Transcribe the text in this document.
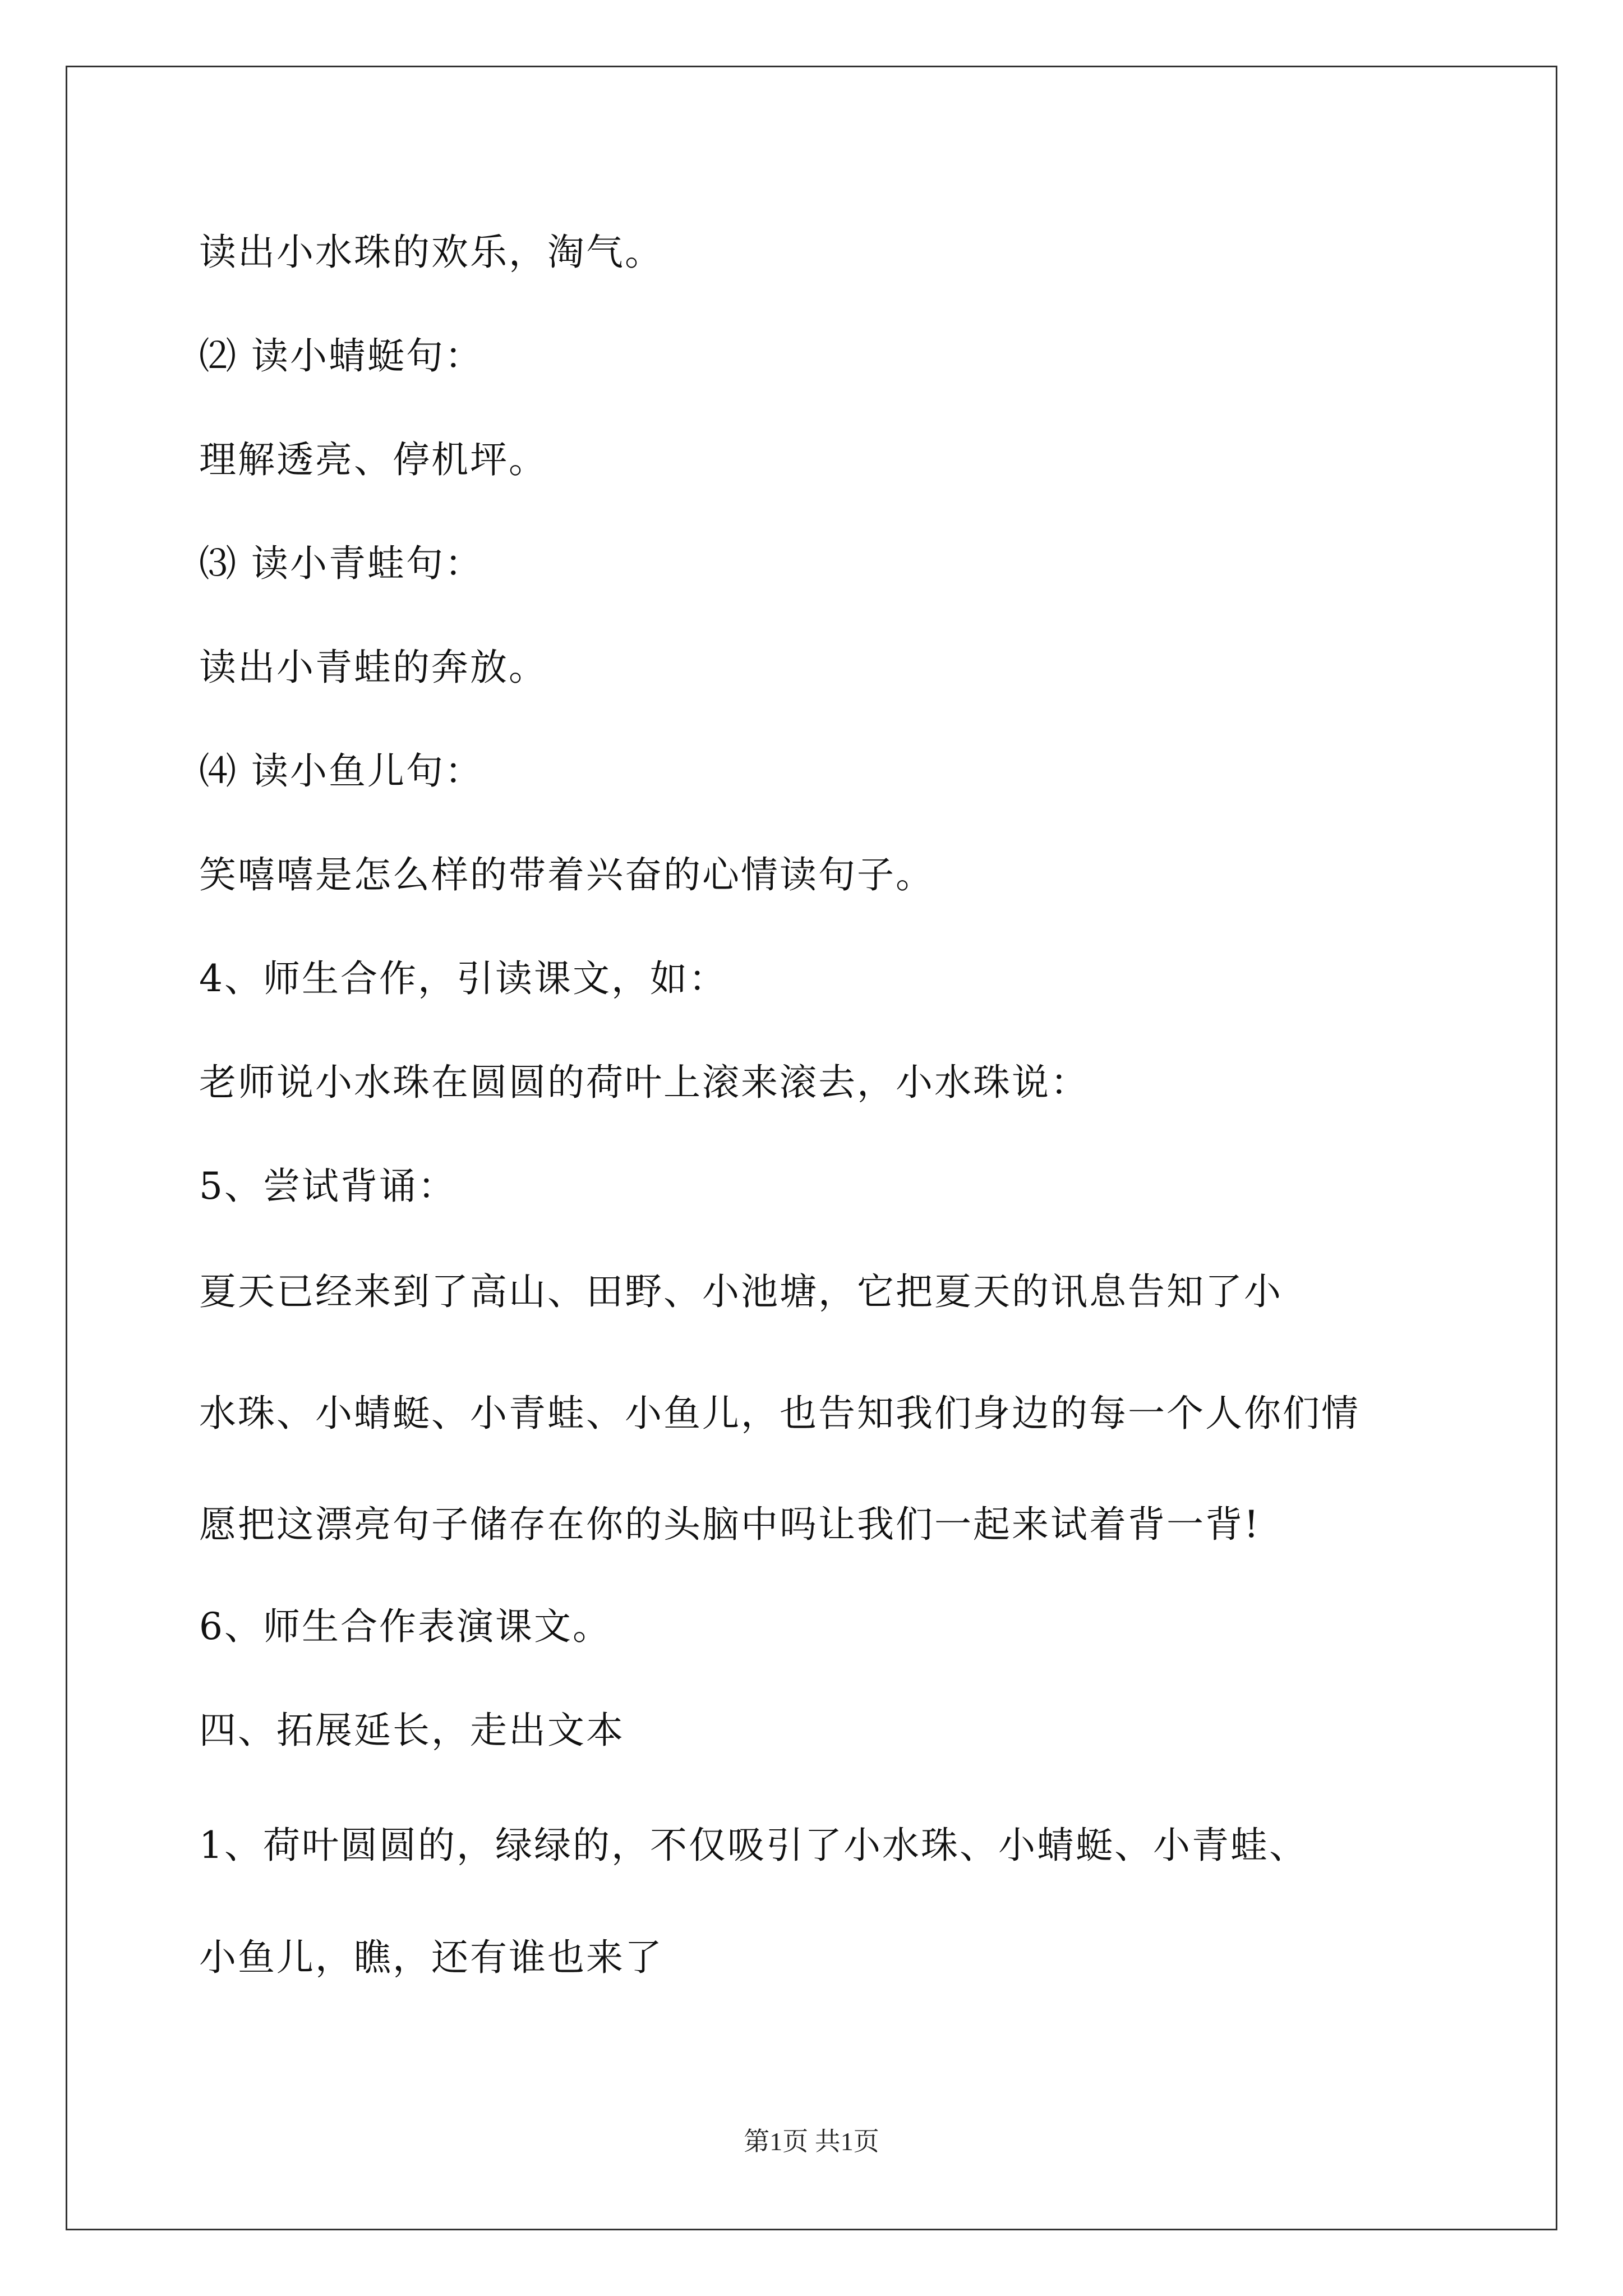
读出小水珠的欢乐，淘气。
⑵ 读小蜻蜓句：
理解透亮、停机坪。
⑶ 读小青蛙句：
读出小青蛙的奔放。
⑷ 读小鱼儿句：
笑嘻嘻是怎么样的带着兴奋的心情读句子。
4、师生合作，引读课文，如：
老师说小水珠在圆圆的荷叶上滚来滚去，小水珠说：
5、尝试背诵：
夏天已经来到了高山、田野、小池塘，它把夏天的讯息告知了小
水珠、小蜻蜓、小青蛙、小鱼儿，也告知我们身边的每一个人你们情
愿把这漂亮句子储存在你的头脑中吗让我们一起来试着背一背!
6、师生合作表演课文。
四、拓展延长，走出文本
1、荷叶圆圆的，绿绿的，不仅吸引了小水珠、小蜻蜓、小青蛙、
小鱼儿，瞧，还有谁也来了
第1页 共1页
